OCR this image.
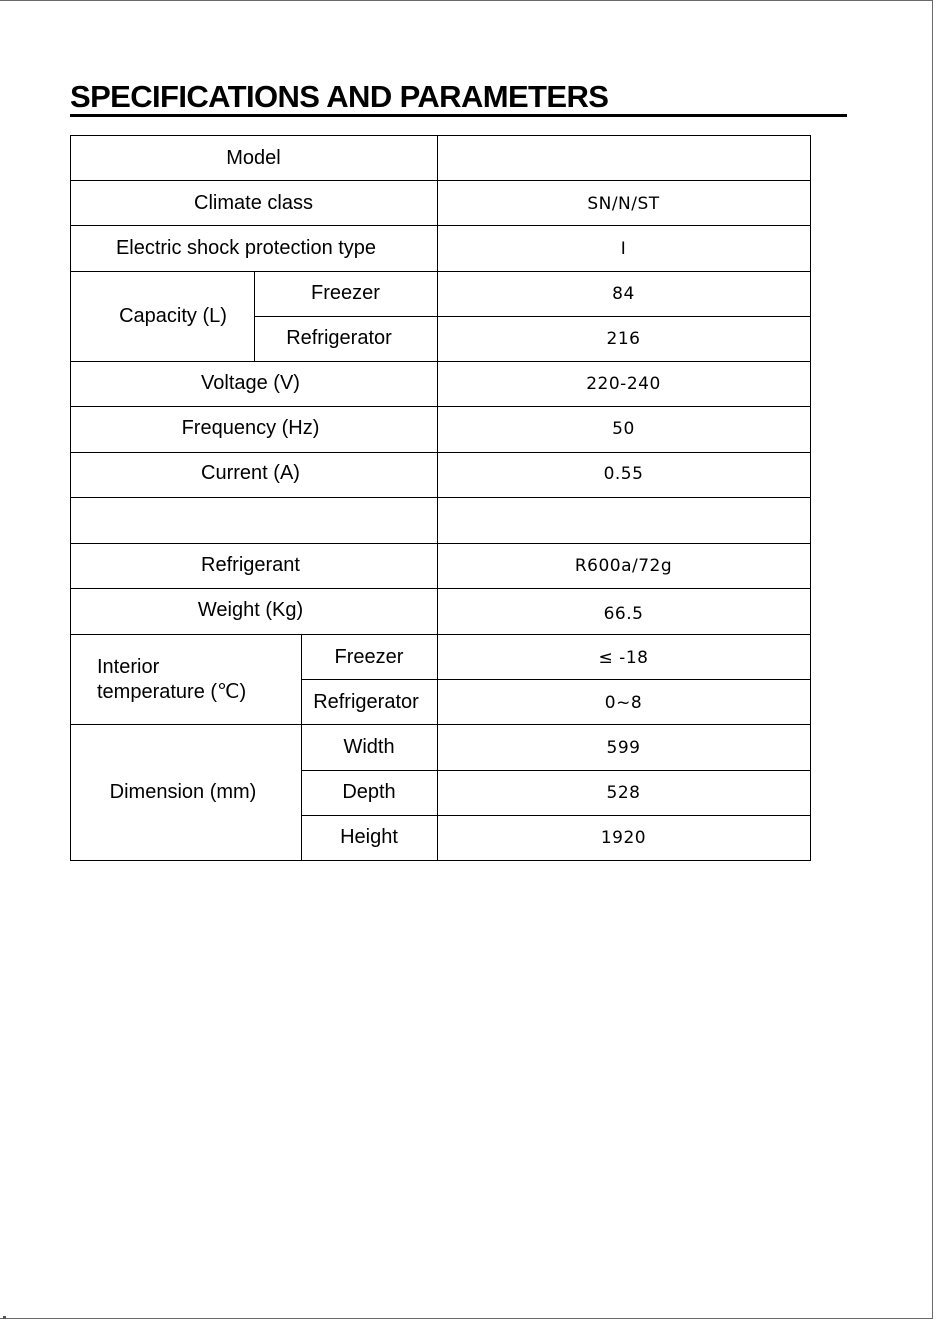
SPECIFICATIONS AND PARAMETERS
Model
Climate class	SN/N/ST
Electric shock protection type	I
Capacity (L)
Freezer	84
Refrigerator	216
Voltage (V)	220-240
Frequency (Hz)	50
Current (A)	0.55
Refrigerant	R600a/72g
Weight (Kg)	66.5
Interior
temperature (℃)
Freezer	≤ -18
Refrigerator	0~8
Dimension (mm)
Width	599
Depth	528
Height	1920
